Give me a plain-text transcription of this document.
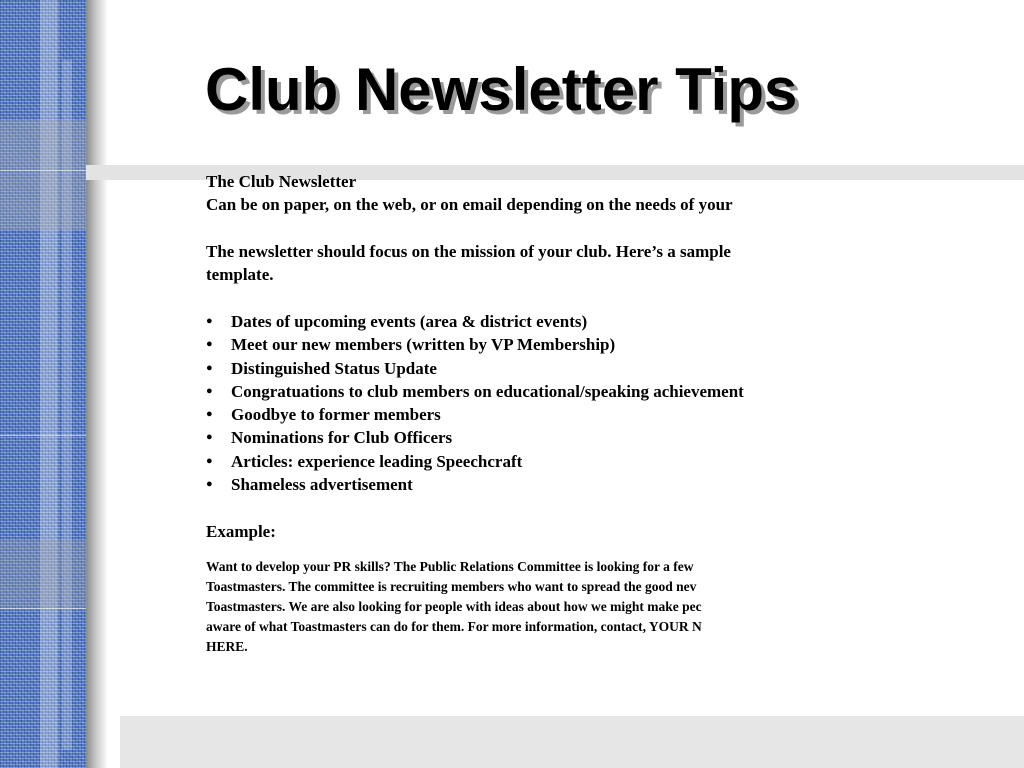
Club Newsletter Tips
The Club Newsletter
Can be on paper, on the web, or on email depending on the needs of your
The newsletter should focus on the mission of your club. Here’s a sample
template.
● Dates of upcoming events (area & district events)
● Meet our new members (written by VP Membership)
● Distinguished Status Update
● Congratuations to club members on educational/speaking achievement
● Goodbye to former members
● Nominations for Club Officers
● Articles: experience leading Speechcraft
● Shameless advertisement
Example:
Want to develop your PR skills? The Public Relations Committee is looking for a few
Toastmasters. The committee is recruiting members who want to spread the good nev
Toastmasters. We are also looking for people with ideas about how we might make pec
aware of what Toastmasters can do for them. For more information, contact, YOUR N
HERE.
